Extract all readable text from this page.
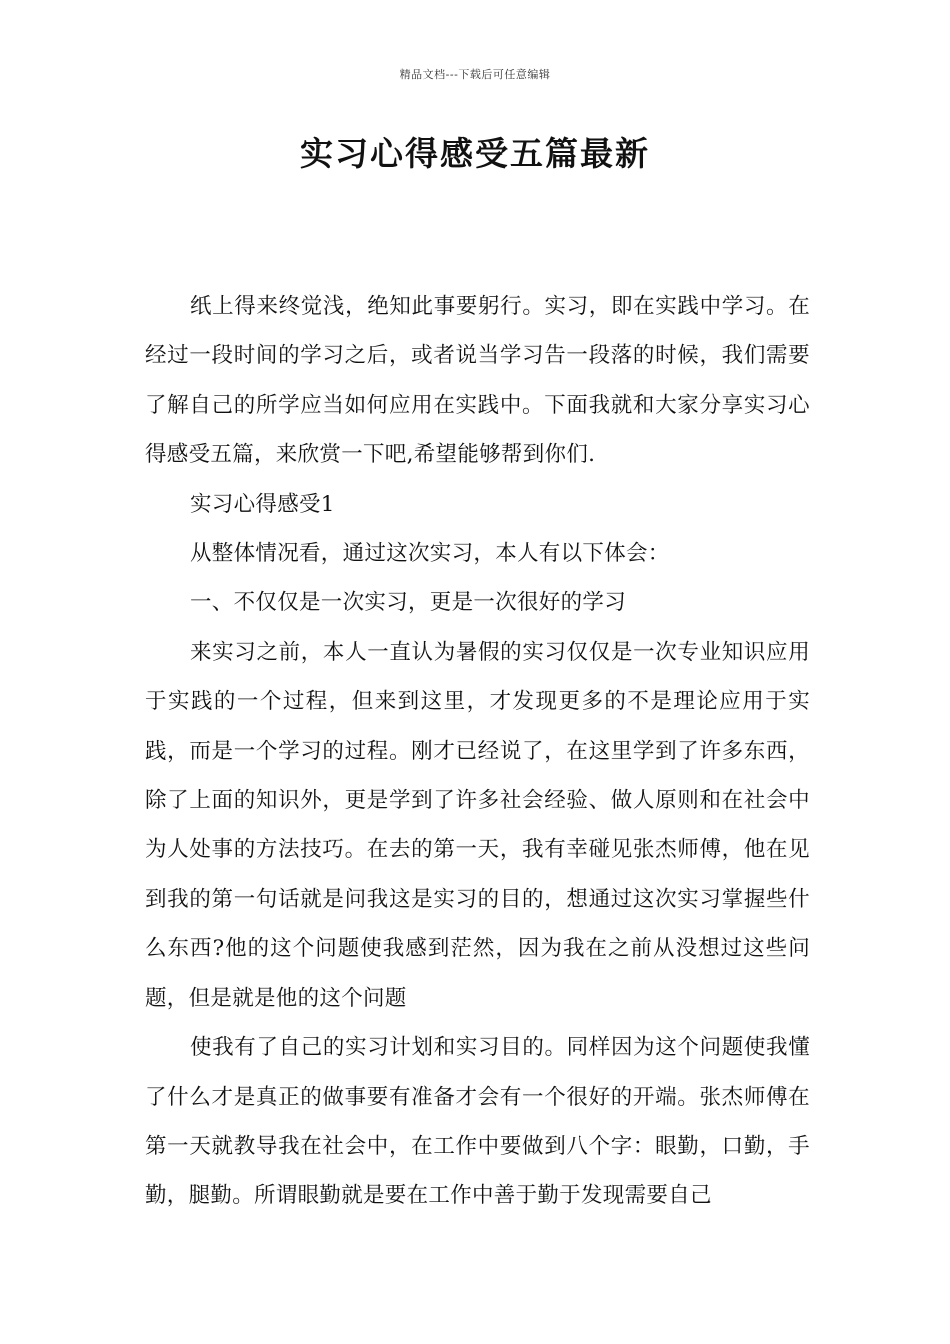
精品文档---下载后可任意编辑
实习心得感受五篇最新

纸上得来终觉浅，绝知此事要躬行。实习，即在实践中学习。在经过一段时间的学习之后，或者说当学习告一段落的时候，我们需要了解自己的所学应当如何应用在实践中。下面我就和大家分享实习心得感受五篇，来欣赏一下吧,希望能够帮到你们.

实习心得感受1

从整体情况看，通过这次实习，本人有以下体会：

一、不仅仅是一次实习，更是一次很好的学习

来实习之前，本人一直认为暑假的实习仅仅是一次专业知识应用于实践的一个过程，但来到这里，才发现更多的不是理论应用于实践，而是一个学习的过程。刚才已经说了，在这里学到了许多东西，除了上面的知识外，更是学到了许多社会经验、做人原则和在社会中为人处事的方法技巧。在去的第一天，我有幸碰见张杰师傅，他在见到我的第一句话就是问我这是实习的目的，想通过这次实习掌握些什么东西?他的这个问题使我感到茫然，因为我在之前从没想过这些问题，但是就是他的这个问题

使我有了自己的实习计划和实习目的。同样因为这个问题使我懂了什么才是真正的做事要有准备才会有一个很好的开端。张杰师傅在第一天就教导我在社会中，在工作中要做到八个字：眼勤，口勤，手勤，腿勤。所谓眼勤就是要在工作中善于勤于发现需要自己
